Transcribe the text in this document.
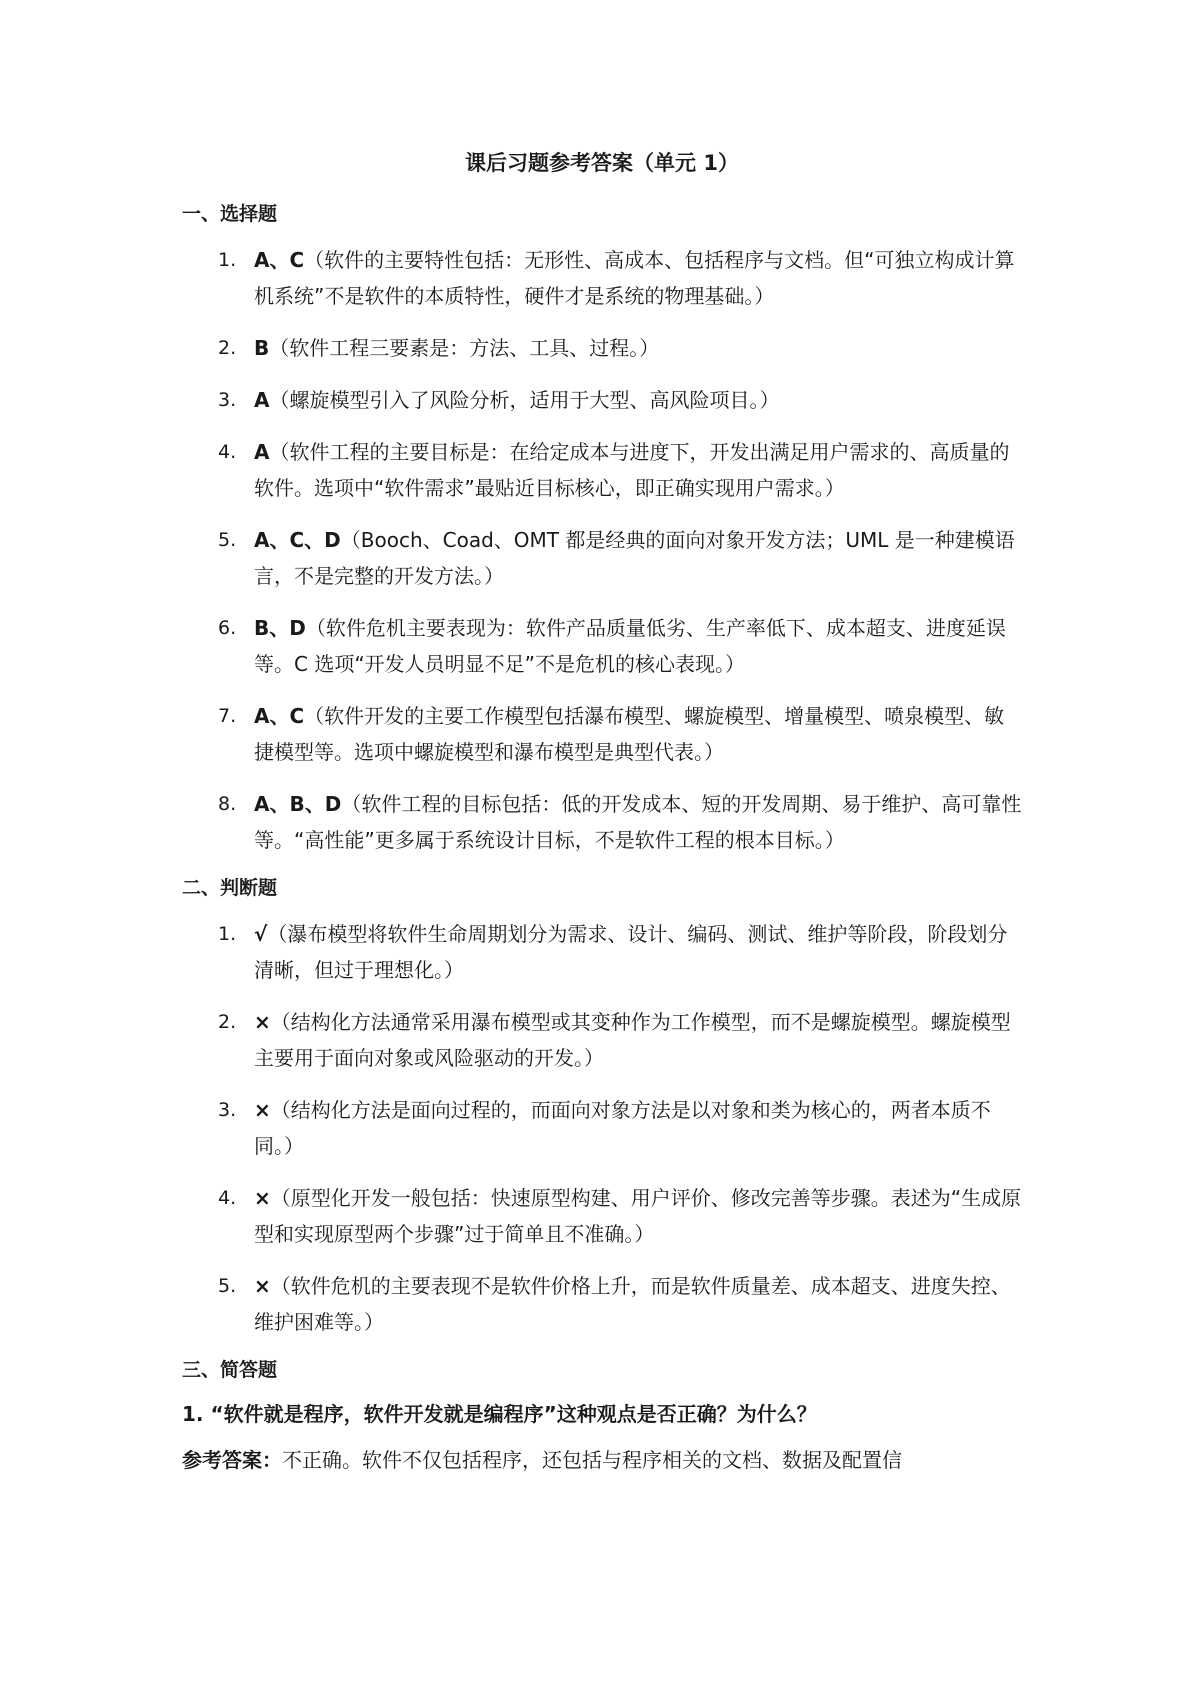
课后习题参考答案（单元 1）
一、选择题
1. A、C（软件的主要特性包括：无形性、高成本、包括程序与文档。但“可独立构成计算机系统”不是软件的本质特性，硬件才是系统的物理基础。）
2. B（软件工程三要素是：方法、工具、过程。）
3. A（螺旋模型引入了风险分析，适用于大型、高风险项目。）
4. A（软件工程的主要目标是：在给定成本与进度下，开发出满足用户需求的、高质量的软件。选项中“软件需求”最贴近目标核心，即正确实现用户需求。）
5. A、C、D（Booch、Coad、OMT 都是经典的面向对象开发方法；UML 是一种建模语言，不是完整的开发方法。）
6. B、D（软件危机主要表现为：软件产品质量低劣、生产率低下、成本超支、进度延误等。C 选项“开发人员明显不足”不是危机的核心表现。）
7. A、C（软件开发的主要工作模型包括瀑布模型、螺旋模型、增量模型、喷泉模型、敏捷模型等。选项中螺旋模型和瀑布模型是典型代表。）
8. A、B、D（软件工程的目标包括：低的开发成本、短的开发周期、易于维护、高可靠性等。“高性能”更多属于系统设计目标，不是软件工程的根本目标。）
二、判断题
1. √（瀑布模型将软件生命周期划分为需求、设计、编码、测试、维护等阶段，阶段划分清晰，但过于理想化。）
2. ×（结构化方法通常采用瀑布模型或其变种作为工作模型，而不是螺旋模型。螺旋模型主要用于面向对象或风险驱动的开发。）
3. ×（结构化方法是面向过程的，而面向对象方法是以对象和类为核心的，两者本质不同。）
4. ×（原型化开发一般包括：快速原型构建、用户评价、修改完善等步骤。表述为“生成原型和实现原型两个步骤”过于简单且不准确。）
5. ×（软件危机的主要表现不是软件价格上升，而是软件质量差、成本超支、进度失控、维护困难等。）
三、简答题
1. “软件就是程序，软件开发就是编程序”这种观点是否正确？为什么？

参考答案：不正确。软件不仅包括程序，还包括与程序相关的文档、数据及配置信
